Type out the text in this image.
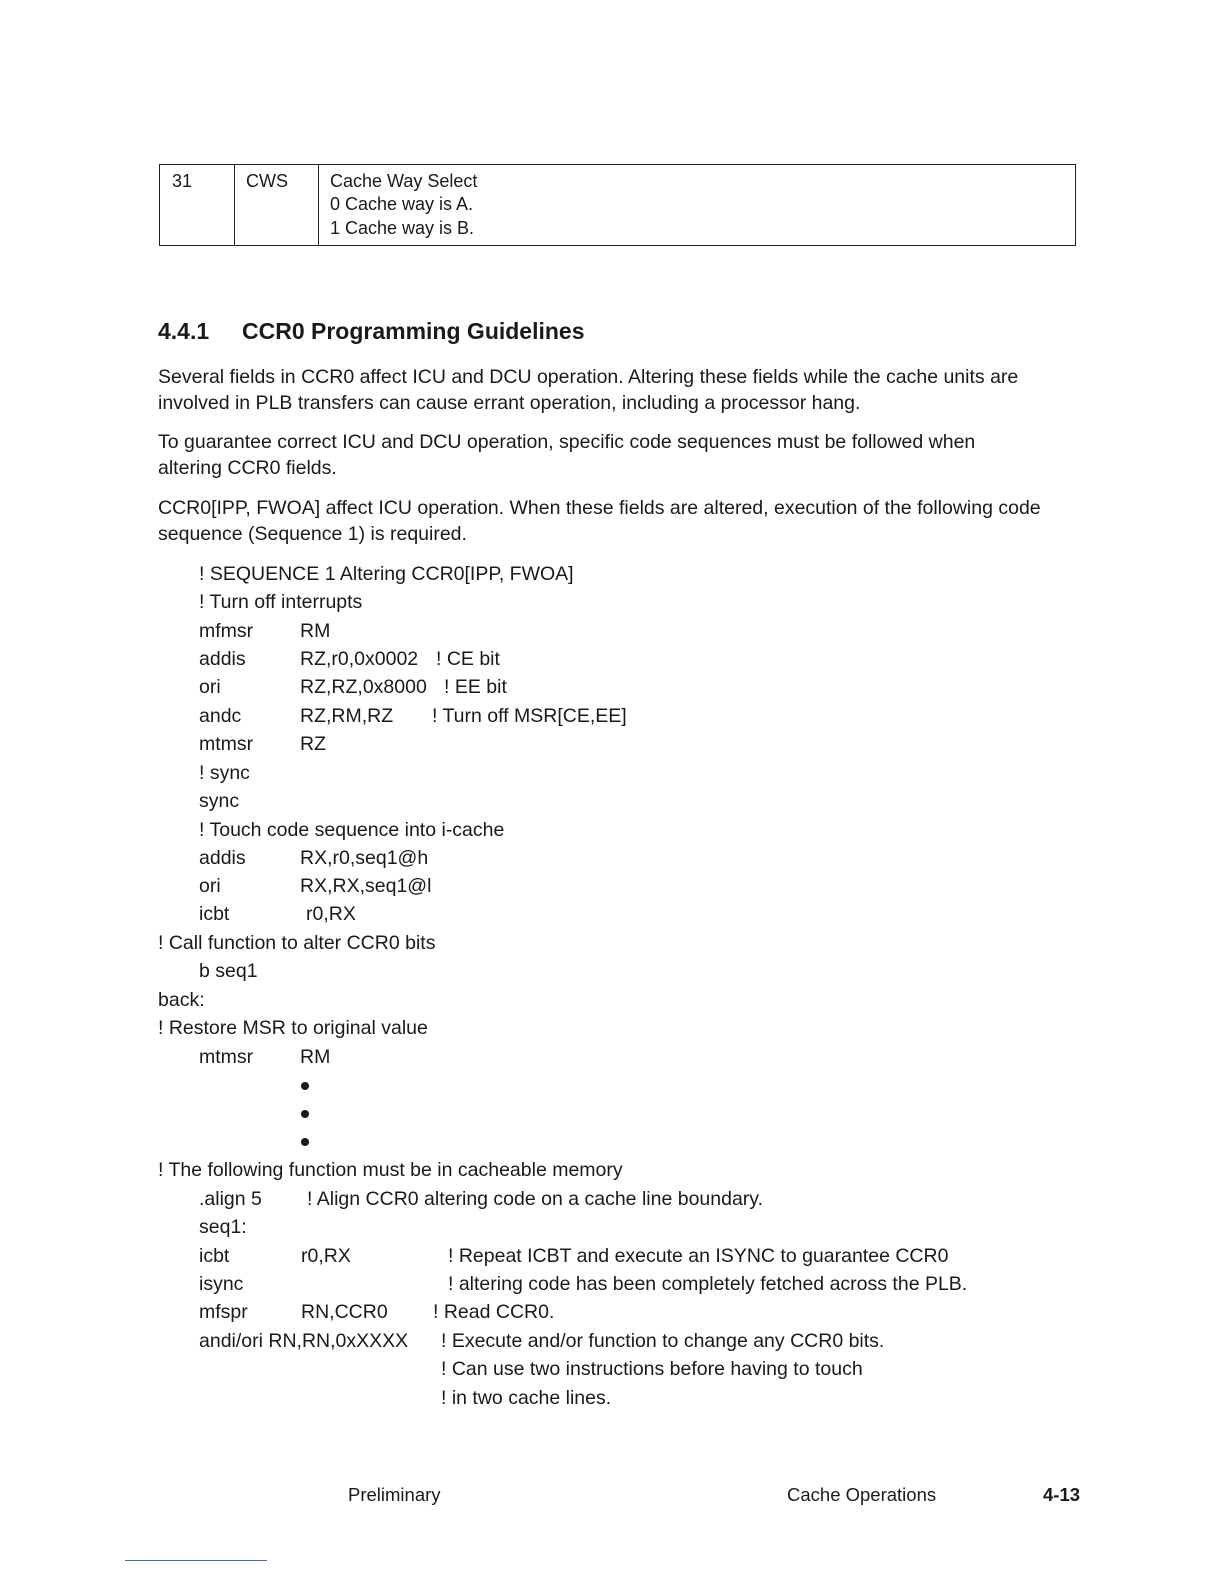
31	CWS Cache Way Select
0 Cache way is A.
1 Cache way is B.
4.4.1 CCR0 Programming Guidelines

Several fields in CCR0 affect ICU and DCU operation. Altering these fields while the cache units are involved in PLB transfers can cause errant operation, including a processor hang.

To guarantee correct ICU and DCU operation, specific code sequences must be followed when altering CCR0 fields.

CCR0[IPP, FWOA] affect ICU operation. When these fields are altered, execution of the following code sequence (Sequence 1) is required.

! SEQUENCE 1 Altering CCR0[IPP, FWOA]
! Turn off interrupts
mfmsr RM
addis	RZ,r0,0x0002 ! CE bit
ori	RZ,RZ,0x8000 ! EE bit
andc	RZ,RM,RZ ! Turn off MSR[CE,EE]
mtmsr RZ
! sync
sync
! Touch code sequence into i-cache
addis	RX,r0,seq1@h
ori	RX,RX,seq1@l
icbt	r0,RX
! Call function to alter CCR0 bits
b seq1
back:
! Restore MSR to original value
mtmsr RM
! The following function must be in cacheable memory
.align 5 ! Align CCR0 altering code on a cache line boundary.
seq1:
icbt	r0,RX	! Repeat ICBT and execute an ISYNC to guarantee CCR0
isync	! altering code has been completely fetched across the PLB.
mfspr	RN,CCR0 ! Read CCR0.
andi/ori RN,RN,0xXXXX ! Execute and/or function to change any CCR0 bits.
! Can use two instructions before having to touch
! in two cache lines.
Preliminary	Cache Operations	4-13
